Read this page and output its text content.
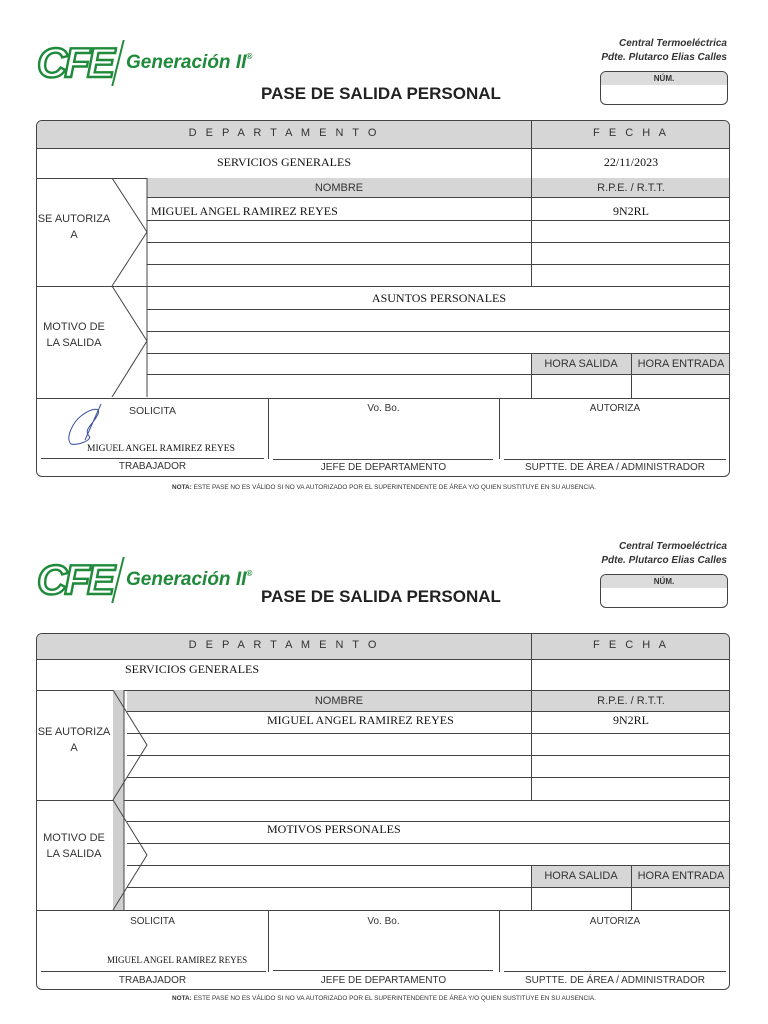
CFE Generación II®
PASE DE SALIDA PERSONAL
Central Termoeléctrica
Pdte. Plutarco Elias Calles
NÚM.
D E P A R T A M E N T O	F E C H A
SERVICIOS GENERALES	22/11/2023
NOMBRE	R.P.E. / R.T.T.
MIGUEL ANGEL RAMIREZ REYES	9N2RL
SE AUTORIZA A
ASUNTOS PERSONALES
HORA SALIDA	HORA ENTRADA
MOTIVO DE LA SALIDA
SOLICITA	Vo. Bo.	AUTORIZA
MIGUEL ANGEL RAMIREZ REYES
TRABAJADOR	JEFE DE DEPARTAMENTO	SUPTTE. DE ÁREA / ADMINISTRADOR
NOTA: ESTE PASE NO ES VÁLIDO SI NO VA AUTORIZADO POR EL SUPERINTENDENTE DE ÁREA Y/O QUIEN SUSTITUYE EN SU AUSENCIA.
CFE Generación II®
PASE DE SALIDA PERSONAL
Central Termoeléctrica
Pdte. Plutarco Elias Calles
NÚM.
D E P A R T A M E N T O	F E C H A
SERVICIOS GENERALES
NOMBRE	R.P.E. / R.T.T.
MIGUEL ANGEL RAMIREZ REYES	9N2RL
SE AUTORIZA A
MOTIVOS PERSONALES
HORA SALIDA	HORA ENTRADA
MOTIVO DE LA SALIDA
SOLICITA	Vo. Bo.	AUTORIZA
MIGUEL ANGEL RAMIREZ REYES
TRABAJADOR	JEFE DE DEPARTAMENTO	SUPTTE. DE ÁREA / ADMINISTRADOR
NOTA: ESTE PASE NO ES VÁLIDO SI NO VA AUTORIZADO POR EL SUPERINTENDENTE DE ÁREA Y/O QUIEN SUSTITUYE EN SU AUSENCIA.
